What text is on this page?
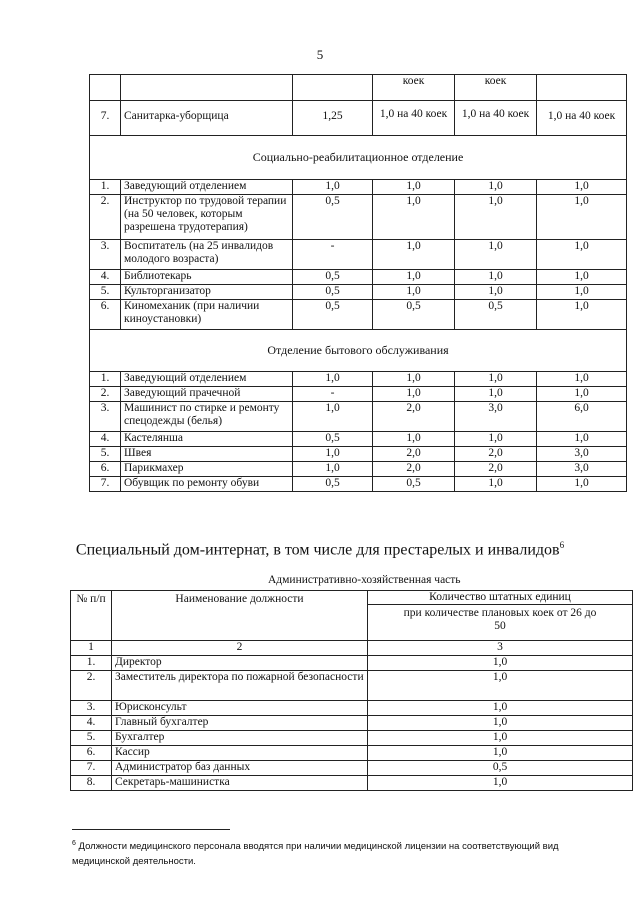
5
			коек	коек	
7.	Санитарка-уборщица	1,25	1,0 на 40 коек	1,0 на 40 коек	1,0 на 40 коек
Социально-реабилитационное отделение					
1.	Заведующий отделением	1,0	1,0	1,0	1,0
2.	Инструктор по трудовой терапии (на 50 человек, которым разрешена трудотерапия)	0,5	1,0	1,0	1,0
3.	Воспитатель (на 25 инвалидов молодого возраста)	-	1,0	1,0	1,0
4.	Библиотекарь	0,5	1,0	1,0	1,0
5.	Культорганизатор	0,5	1,0	1,0	1,0
6.	Киномеханик (при наличии киноустановки)	0,5	0,5	0,5	1,0
Отделение бытового обслуживания					
1.	Заведующий отделением	1,0	1,0	1,0	1,0
2.	Заведующий прачечной	-	1,0	1,0	1,0
3.	Машинист по стирке и ремонту спецодежды (белья)	1,0	2,0	3,0	6,0
4.	Кастелянша	0,5	1,0	1,0	1,0
5.	Швея	1,0	2,0	2,0	3,0
6.	Парикмахер	1,0	2,0	2,0	3,0
7.	Обувщик по ремонту обуви	0,5	0,5	1,0	1,0
Специальный дом-интернат, в том числе для престарелых и инвалидов$^6$
Административно-хозяйственная часть
№ п/п	Наименование должности	Количество штатных единиц
		при количестве плановых коек от 26 до 50
1	2	3
1.	Директор	1,0
2.	Заместитель директора по пожарной безопасности	1,0
3.	Юрисконсульт	1,0
4.	Главный бухгалтер	1,0
5.	Бухгалтер	1,0
6.	Кассир	1,0
7.	Администратор баз данных	0,5
8.	Секретарь-машинистка	1,0
$^6$ Должности медицинского персонала вводятся при наличии медицинской лицензии на соответствующий вид медицинской деятельности.
